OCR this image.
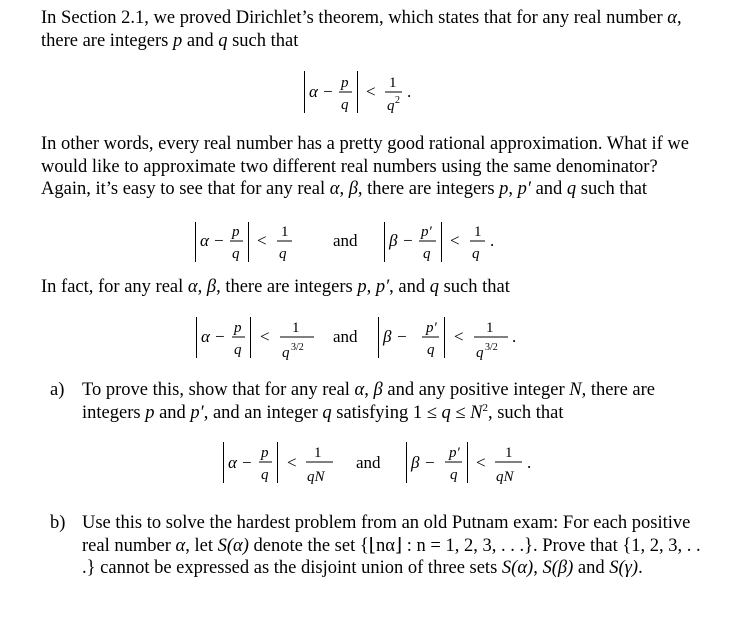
In Section 2.1, we proved Dirichlet’s theorem, which states that for any real number α, there are integers p and q such that

α − p
q
< 1
q 2 .

In other words, every real number has a pretty good rational approximation. What if we would like to approximate two different real numbers using the same denominator? Again, it’s easy to see that for any real α, β, there are integers p, p′ and q such that

α − p
q
< 1
q
and β − p′
q
< 1
q
.

In fact, for any real α, β, there are integers p, p′, and q such that

α − p
q
< 1
q 3/2
and β − p′
q
< 1
q 3/2
.
a) To prove this, show that for any real α, β and any positive integer N, there are integers p and p′, and an integer q satisfying $1 \le q \le N^2$, such that

α − p
q
< 1
qN
and β − p′
q
< 1
qN
.
b) Use this to solve the hardest problem from an old Putnam exam: For each positive real number α, let S(α) denote the set {⌊nα⌋ : n = 1, 2, 3, . . .}. Prove that {1, 2, 3, . . .} cannot be expressed as the disjoint union of three sets S(α), S(β) and S(γ).
